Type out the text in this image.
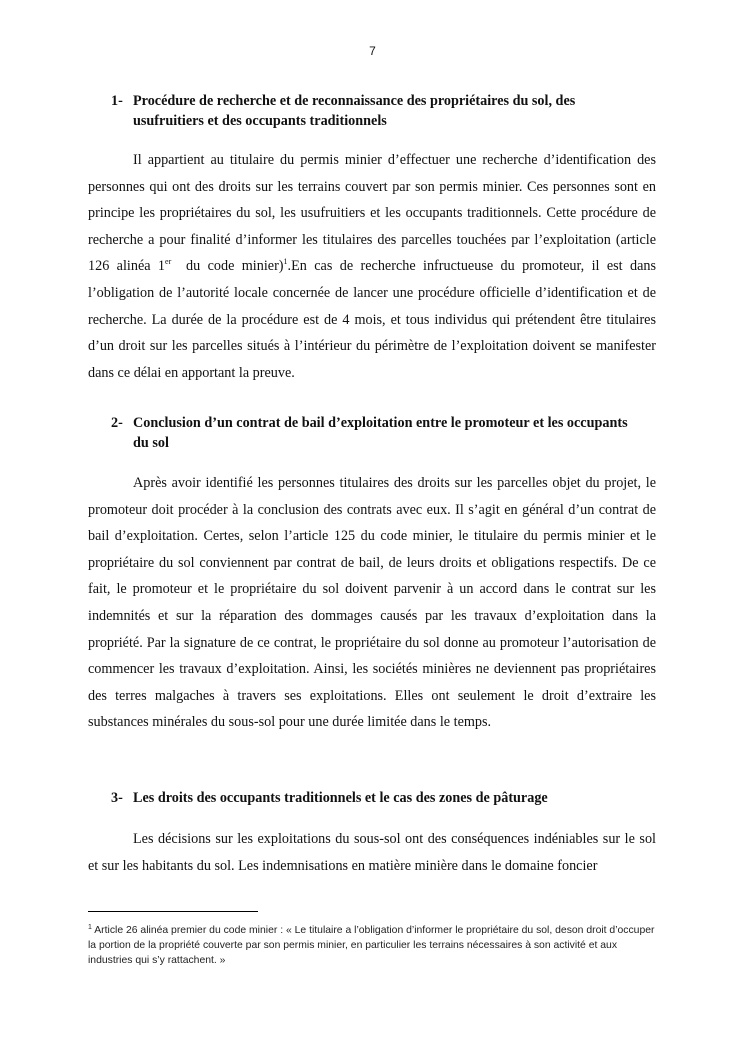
7
1- Procédure de recherche et de reconnaissance des propriétaires du sol, des usufruitiers et des occupants traditionnels

Il appartient au titulaire du permis minier d’effectuer une recherche d’identification des personnes qui ont des droits sur les terrains couvert par son permis minier. Ces personnes sont en principe les propriétaires du sol, les usufruitiers et les occupants traditionnels. Cette procédure de recherche a pour finalité d’informer les titulaires des parcelles touchées par l’exploitation (article 126 alinéa 1er  du code minier)$^1$.En cas de recherche infructueuse du promoteur, il est dans l’obligation de l’autorité locale concernée de lancer une procédure officielle d’identification et de recherche. La durée de la procédure est de 4 mois, et tous individus qui prétendent être titulaires d’un droit sur les parcelles situés à l’intérieur du périmètre de l’exploitation doivent se manifester dans ce délai en apportant la preuve.

2- Conclusion d’un contrat de bail d’exploitation entre le promoteur et les occupants du sol

Après avoir identifié les personnes titulaires des droits sur les parcelles objet du projet, le promoteur doit procéder à la conclusion des contrats avec eux. Il s’agit en général d’un contrat de bail d’exploitation. Certes, selon l’article 125 du code minier, le titulaire du permis minier et le propriétaire du sol conviennent par contrat de bail, de leurs droits et obligations respectifs. De ce fait, le promoteur et le propriétaire du sol doivent parvenir à un accord dans le contrat sur les indemnités et sur la réparation des dommages causés par les travaux d’exploitation dans la propriété. Par la signature de ce contrat, le propriétaire du sol donne au promoteur l’autorisation de commencer les travaux d’exploitation. Ainsi, les sociétés minières ne deviennent pas propriétaires des terres malgaches à travers ses exploitations. Elles ont seulement le droit d’extraire les substances minérales du sous-sol pour une durée limitée dans le temps.

3- Les droits des occupants traditionnels et le cas des zones de pâturage

Les décisions sur les exploitations du sous-sol ont des conséquences indéniables sur le sol et sur les habitants du sol. Les indemnisations en matière minière dans le domaine foncier

$^1$ Article 26 alinéa premier du code minier : « Le titulaire a l’obligation d’informer le propriétaire du sol, deson droit d’occuper la portion de la propriété couverte par son permis minier, en particulier les terrains nécessaires à son activité et aux industries qui s’y rattachent. »
